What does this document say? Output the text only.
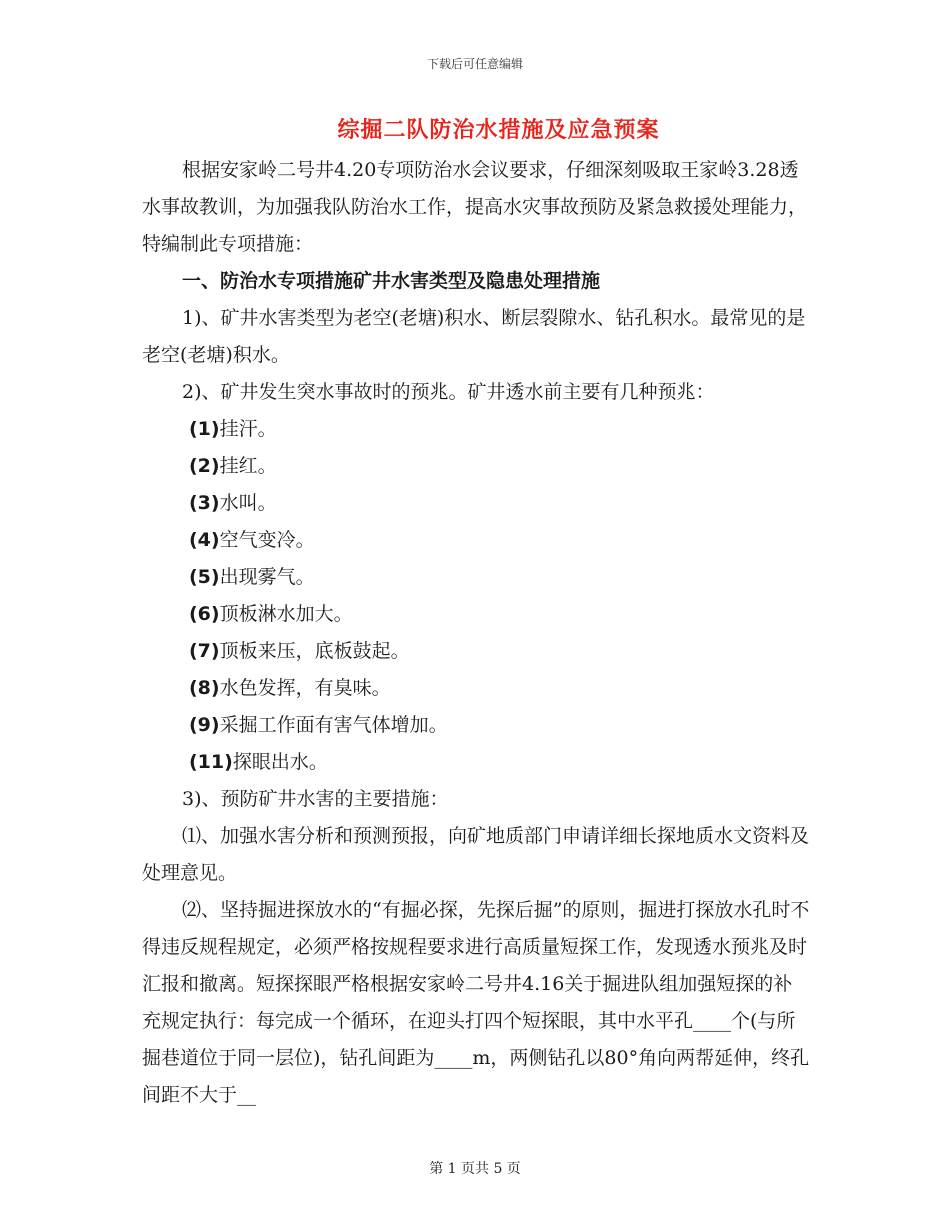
下载后可任意编辑
综掘二队防治水措施及应急预案

根据安家岭二号井4.20专项防治水会议要求，仔细深刻吸取王家岭3.28透水事故教训，为加强我队防治水工作，提高水灾事故预防及紧急救援处理能力，特编制此专项措施：

一、防治水专项措施矿井水害类型及隐患处理措施

1)、矿井水害类型为老空(老塘)积水、断层裂隙水、钻孔积水。最常见的是老空(老塘)积水。

2)、矿井发生突水事故时的预兆。矿井透水前主要有几种预兆：

(1)挂汗。

(2)挂红。

(3)水叫。

(4)空气变冷。

(5)出现雾气。

(6)顶板淋水加大。

(7)顶板来压，底板鼓起。

(8)水色发挥，有臭味。

(9)采掘工作面有害气体增加。

(11)探眼出水。

3)、预防矿井水害的主要措施：

⑴、加强水害分析和预测预报，向矿地质部门申请详细长探地质水文资料及处理意见。

⑵、坚持掘进探放水的“有掘必探，先探后掘”的原则，掘进打探放水孔时不得违反规程规定，必须严格按规程要求进行高质量短探工作，发现透水预兆及时汇报和撤离。短探探眼严格根据安家岭二号井4.16关于掘进队组加强短探的补充规定执行：每完成一个循环，在迎头打四个短探眼，其中水平孔____个(与所掘巷道位于同一层位)，钻孔间距为____m，两侧钻孔以80°角向两帮延伸，终孔间距不大于__

第 1 页共 5 页
